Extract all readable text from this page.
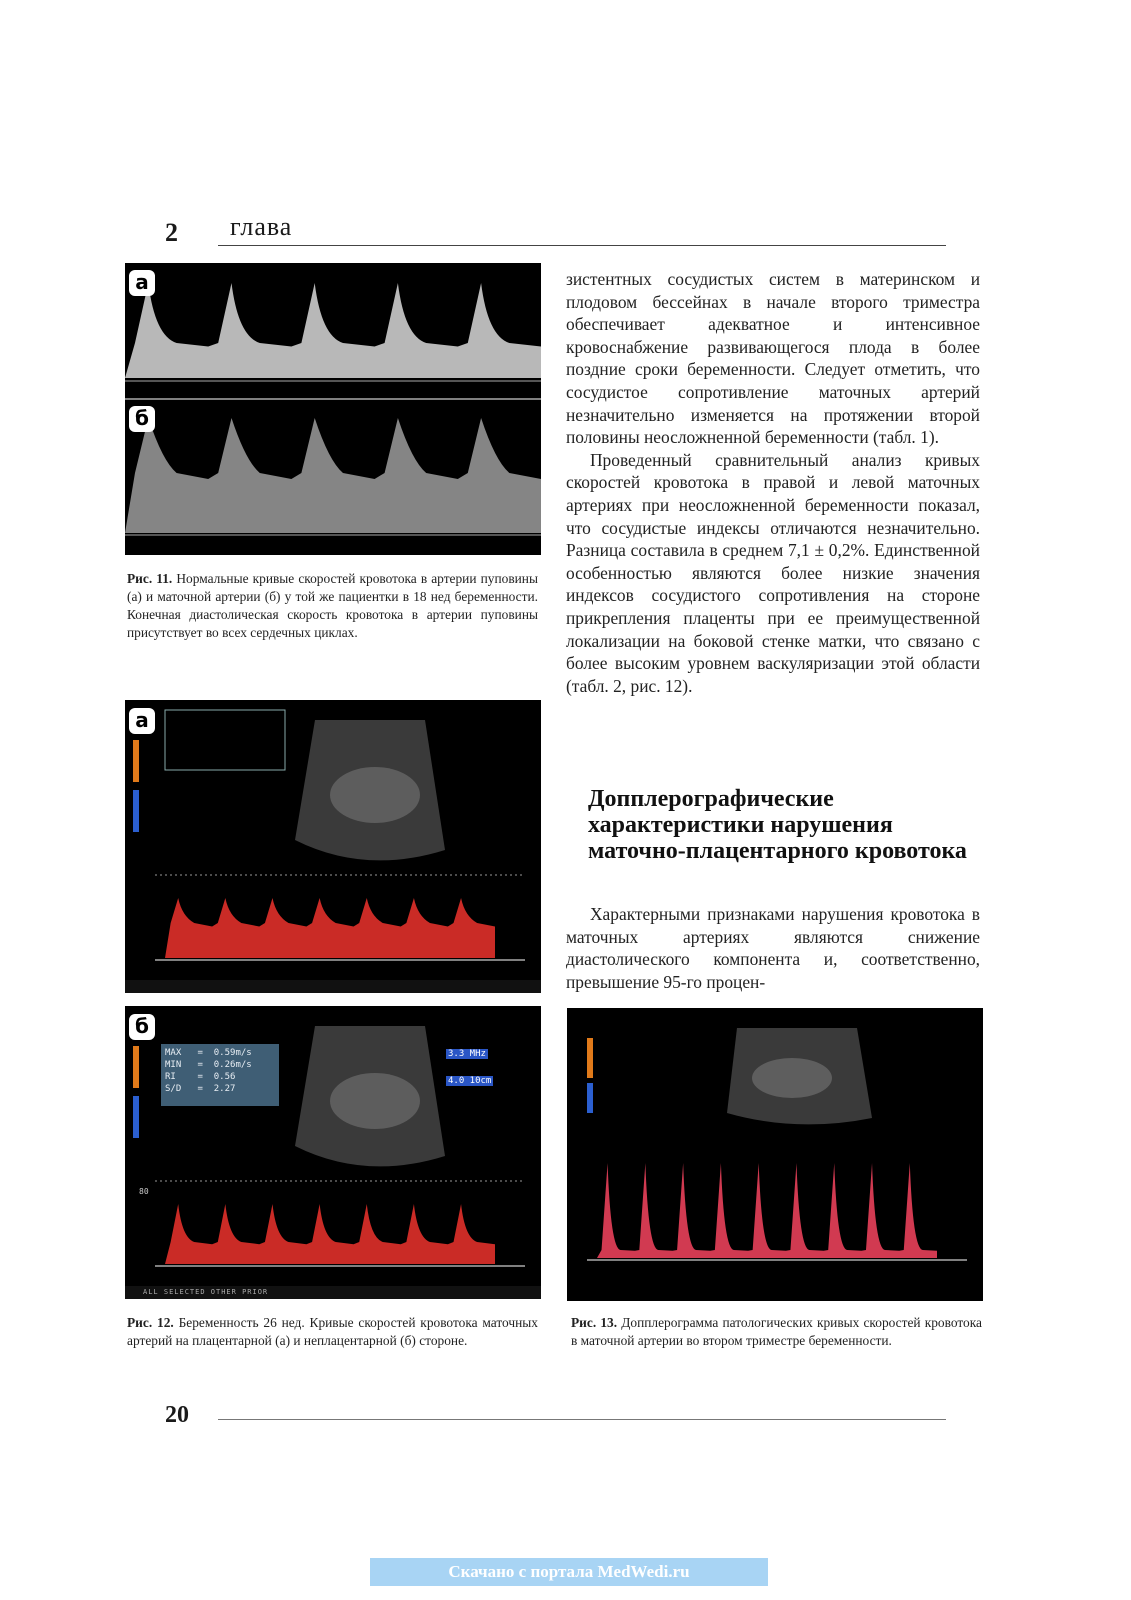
2 глава
а
б
Рис. 11. Нормальные кривые скоростей кровотока в артерии пуповины (а) и маточной артерии (б) у той же пациентки в 18 нед беременности. Конечная диастолическая скорость кровотока в артерии пуповины присутствует во всех сердечных циклах.
а
б
MAX   =  0.59m/s
MIN   =  0.26m/s
RI    =  0.56
S/D   =  2.27
3.3 MHz
4.0 10cm
80
ALL SELECTED OTHER PRIOR
Рис. 12. Беременность 26 нед. Кривые скоростей кровотока маточных артерий на плацентарной (а) и неплацентарной (б) стороне.
Рис. 13. Допплерограмма патологических кривых скоростей кровотока в маточной артерии во втором триместре беременности.

зистентных сосудистых систем в материнском и плодовом бессейнах в начале второго триместра обеспечивает адекватное и интенсивное кровоснабжение развивающегося плода в более поздние сроки беременности. Следует отметить, что сосудистое сопротивление маточных артерий незначительно изменяется на протяжении второй половины неосложненной беременности (табл. 1).

Проведенный сравнительный анализ кривых скоростей кровотока в правой и левой маточных артериях при неосложненной беременности показал, что сосудистые индексы отличаются незначительно. Разница составила в среднем 7,1 ± 0,2%. Единственной особенностью являются более низкие значения индексов сосудистого сопротивления на стороне прикрепления плаценты при ее преимущественной локализации на боковой стенке матки, что связано с более высоким уровнем васкуляризации этой области (табл. 2, рис. 12).

Допплерографические характеристики нарушения маточно-плацентарного кровотока

Характерными признаками нарушения кровотока в маточных артериях являются снижение диастолического компонента и, соответственно, превышение 95-го процен-

20
Скачано с портала MedWedi.ru
